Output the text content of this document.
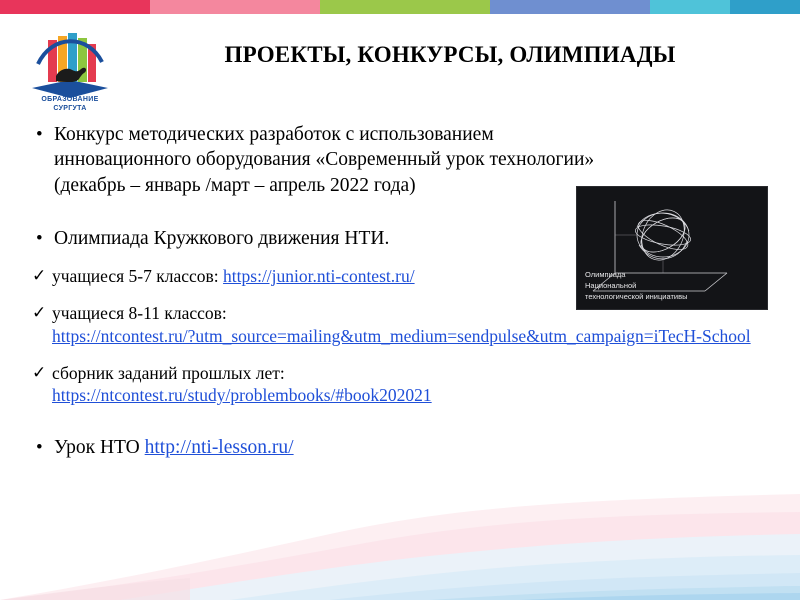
ОБРАЗОВАНИЕ
СУРГУТА
ПРОЕКТЫ, КОНКУРСЫ, ОЛИМПИАДЫ
Олимпиада
Национальной
технологической инициативы
• Конкурс методических разработок с использованием инновационного оборудования «Современный урок технологии» (декабрь – январь /март – апрель 2022 года)
• Олимпиада Кружкового движения НТИ.
✓ учащиеся 5-7 классов: https://junior.nti-contest.ru/
✓ учащиеся 8-11 классов:
https://ntcontest.ru/?utm_source=mailing&utm_medium=sendpulse&utm_campaign=iTecH-School
✓ сборник заданий прошлых лет:
https://ntcontest.ru/study/problembooks/#book202021
• Урок НТО http://nti-lesson.ru/
